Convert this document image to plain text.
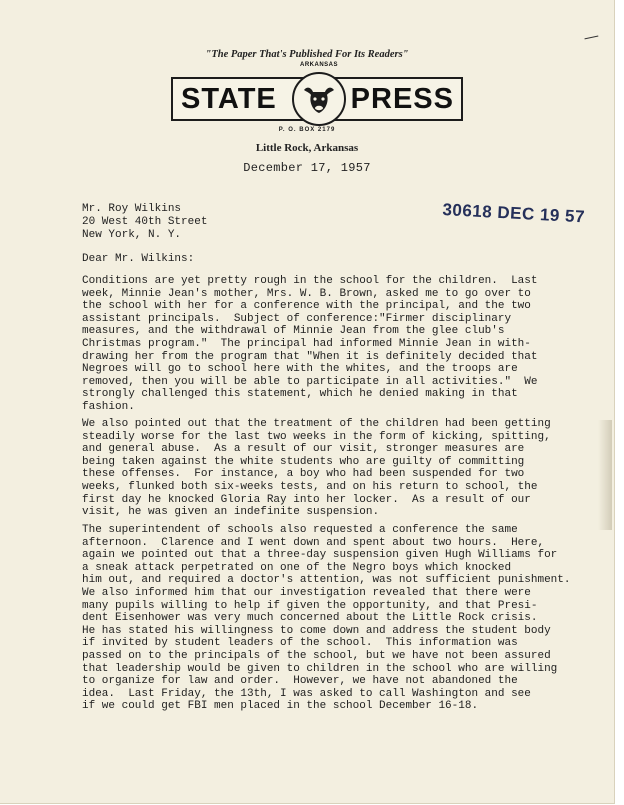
"The Paper That's Published For Its Readers"
STATE
ARKANSAS
PRESS
P. O. BOX 2179
Little Rock, Arkansas
December 17, 1957
30618 DEC 19 57
Mr. Roy Wilkins
20 West 40th Street
New York, N. Y.
Dear Mr. Wilkins:
Conditions are yet pretty rough in the school for the children.  Last
week, Minnie Jean's mother, Mrs. W. B. Brown, asked me to go over to
the school with her for a conference with the principal, and the two
assistant principals.  Subject of conference:"Firmer disciplinary
measures, and the withdrawal of Minnie Jean from the glee club's
Christmas program."  The principal had informed Minnie Jean in with-
drawing her from the program that "When it is definitely decided that
Negroes will go to school here with the whites, and the troops are
removed, then you will be able to participate in all activities."  We
strongly challenged this statement, which he denied making in that
fashion.
We also pointed out that the treatment of the children had been getting
steadily worse for the last two weeks in the form of kicking, spitting,
and general abuse.  As a result of our visit, stronger measures are
being taken against the white students who are guilty of committing
these offenses.  For instance, a boy who had been suspended for two
weeks, flunked both six-weeks tests, and on his return to school, the
first day he knocked Gloria Ray into her locker.  As a result of our
visit, he was given an indefinite suspension.
The superintendent of schools also requested a conference the same
afternoon.  Clarence and I went down and spent about two hours.  Here,
again we pointed out that a three-day suspension given Hugh Williams for
a sneak attack perpetrated on one of the Negro boys which knocked
him out, and required a doctor's attention, was not sufficient punishment.
We also informed him that our investigation revealed that there were
many pupils willing to help if given the opportunity, and that Presi-
dent Eisenhower was very much concerned about the Little Rock crisis.
He has stated his willingness to come down and address the student body
if invited by student leaders of the school.  This information was
passed on to the principals of the school, but we have not been assured
that leadership would be given to children in the school who are willing
to organize for law and order.  However, we have not abandoned the
idea.  Last Friday, the 13th, I was asked to call Washington and see
if we could get FBI men placed in the school December 16-18.
